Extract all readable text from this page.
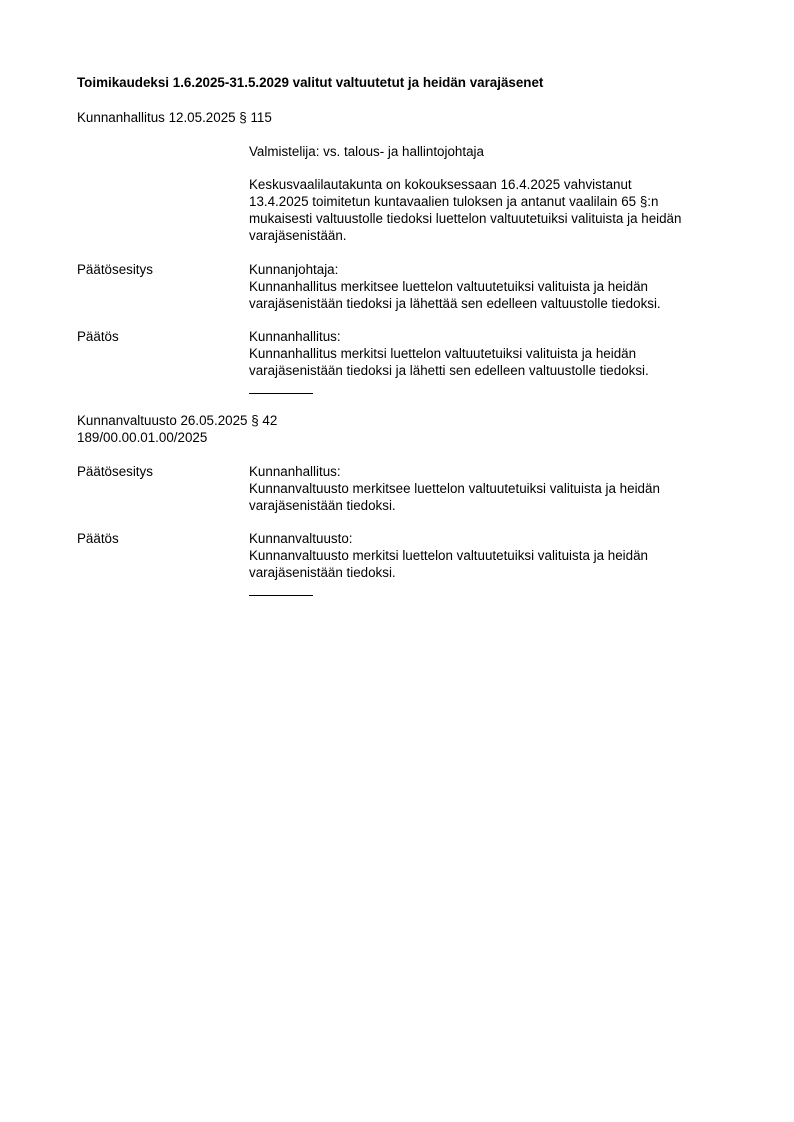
Toimikaudeksi 1.6.2025-31.5.2029 valitut valtuutetut ja heidän varajäsenet
Kunnanhallitus 12.05.2025 § 115
Valmistelija: vs. talous- ja hallintojohtaja
Keskusvaalilautakunta on kokouksessaan 16.4.2025 vahvistanut
13.4.2025 toimitetun kuntavaalien tuloksen ja antanut vaalilain 65 §:n
mukaisesti valtuustolle tiedoksi luettelon valtuutetuiksi valituista ja heidän
varajäsenistään.
Päätösesitys	Kunnanjohtaja:
Kunnanhallitus merkitsee luettelon valtuutetuiksi valituista ja heidän
varajäsenistään tiedoksi ja lähettää sen edelleen valtuustolle tiedoksi.
Päätös	Kunnanhallitus:
Kunnanhallitus merkitsi luettelon valtuutetuiksi valituista ja heidän
varajäsenistään tiedoksi ja lähetti sen edelleen valtuustolle tiedoksi.
Kunnanvaltuusto 26.05.2025 § 42
189/00.00.01.00/2025
Päätösesitys	Kunnanhallitus:
Kunnanvaltuusto merkitsee luettelon valtuutetuiksi valituista ja heidän
varajäsenistään tiedoksi.
Päätös	Kunnanvaltuusto:
Kunnanvaltuusto merkitsi luettelon valtuutetuiksi valituista ja heidän
varajäsenistään tiedoksi.
